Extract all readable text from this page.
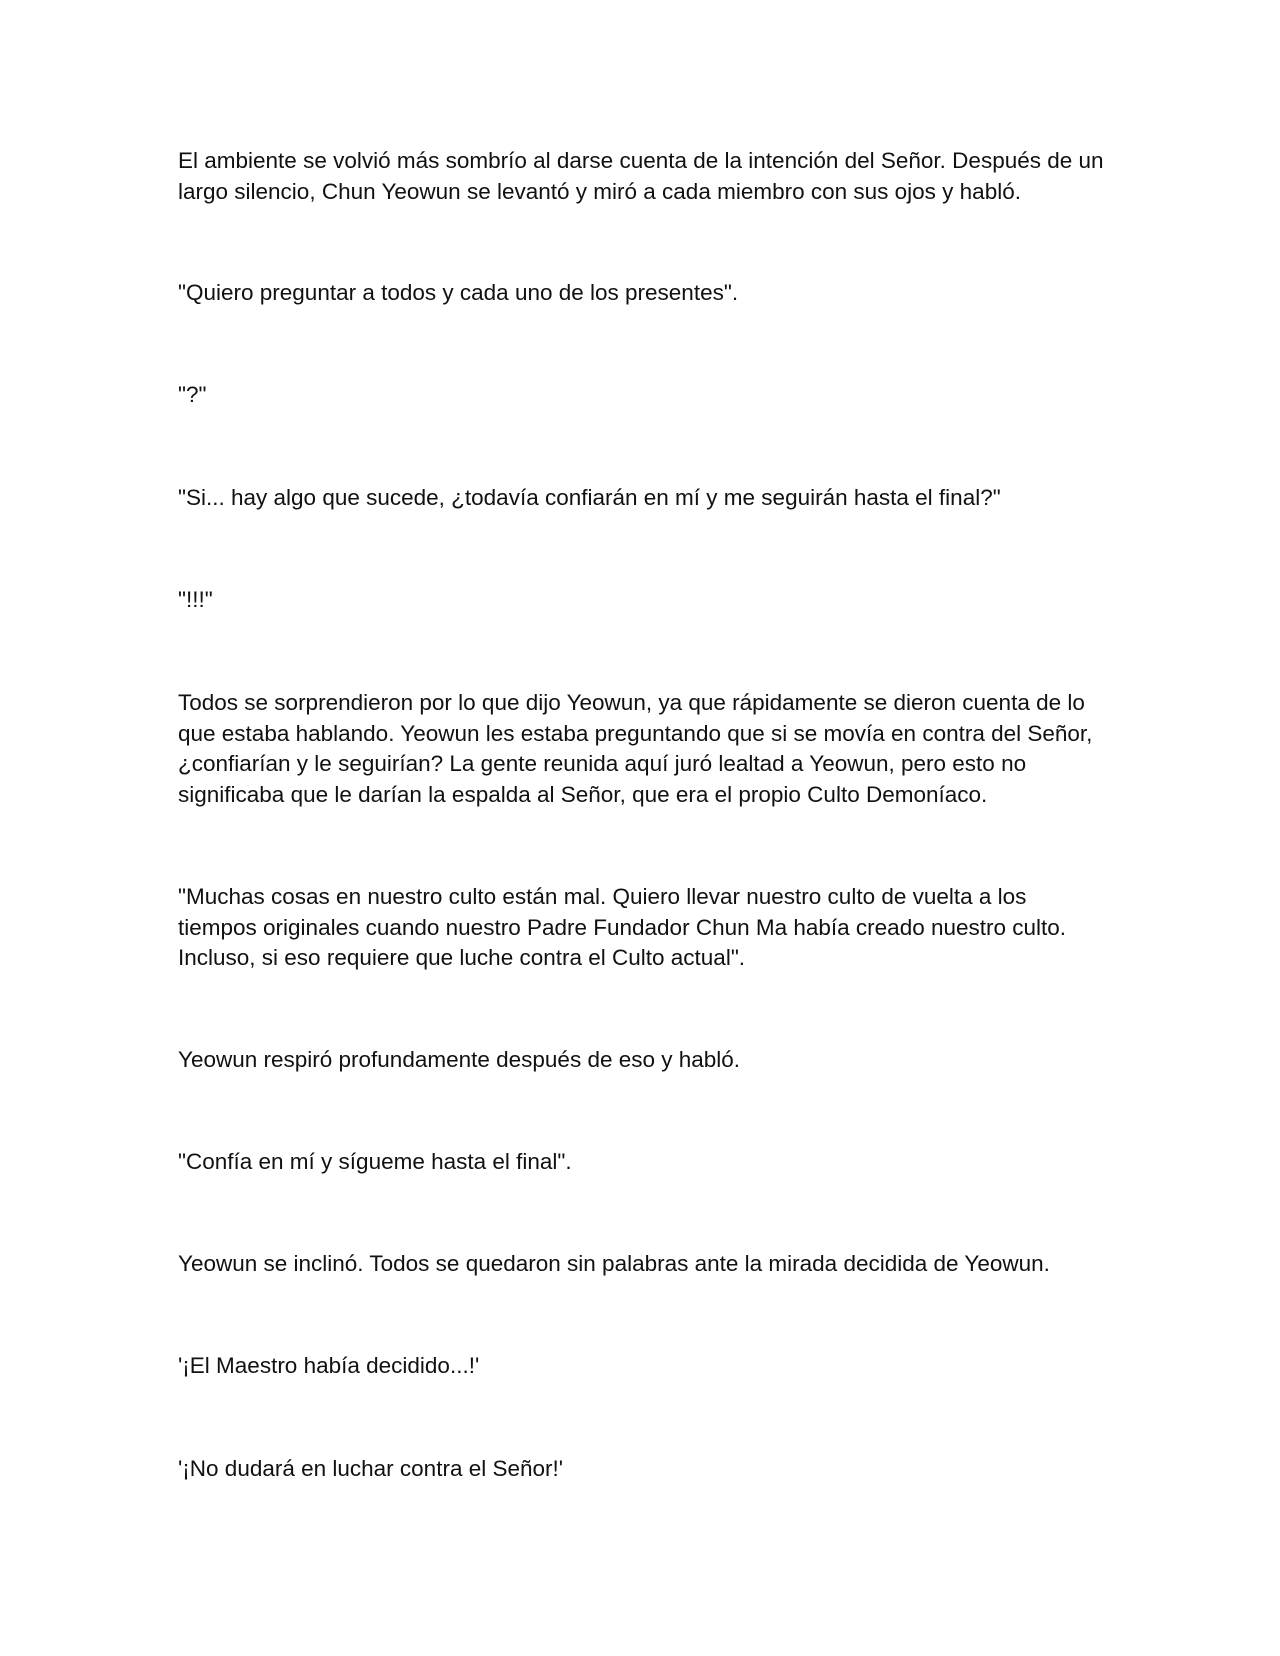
El ambiente se volvió más sombrío al darse cuenta de la intención del Señor. Después de un largo silencio, Chun Yeowun se levantó y miró a cada miembro con sus ojos y habló.

"Quiero preguntar a todos y cada uno de los presentes".

"?"

"Si... hay algo que sucede, ¿todavía confiarán en mí y me seguirán hasta el final?"

"!!!"

Todos se sorprendieron por lo que dijo Yeowun, ya que rápidamente se dieron cuenta de lo que estaba hablando. Yeowun les estaba preguntando que si se movía en contra del Señor, ¿confiarían y le seguirían? La gente reunida aquí juró lealtad a Yeowun, pero esto no significaba que le darían la espalda al Señor, que era el propio Culto Demoníaco.

"Muchas cosas en nuestro culto están mal. Quiero llevar nuestro culto de vuelta a los tiempos originales cuando nuestro Padre Fundador Chun Ma había creado nuestro culto. Incluso, si eso requiere que luche contra el Culto actual".

Yeowun respiró profundamente después de eso y habló.

"Confía en mí y sígueme hasta el final".

Yeowun se inclinó. Todos se quedaron sin palabras ante la mirada decidida de Yeowun.

'¡El Maestro había decidido...!'

'¡No dudará en luchar contra el Señor!'
